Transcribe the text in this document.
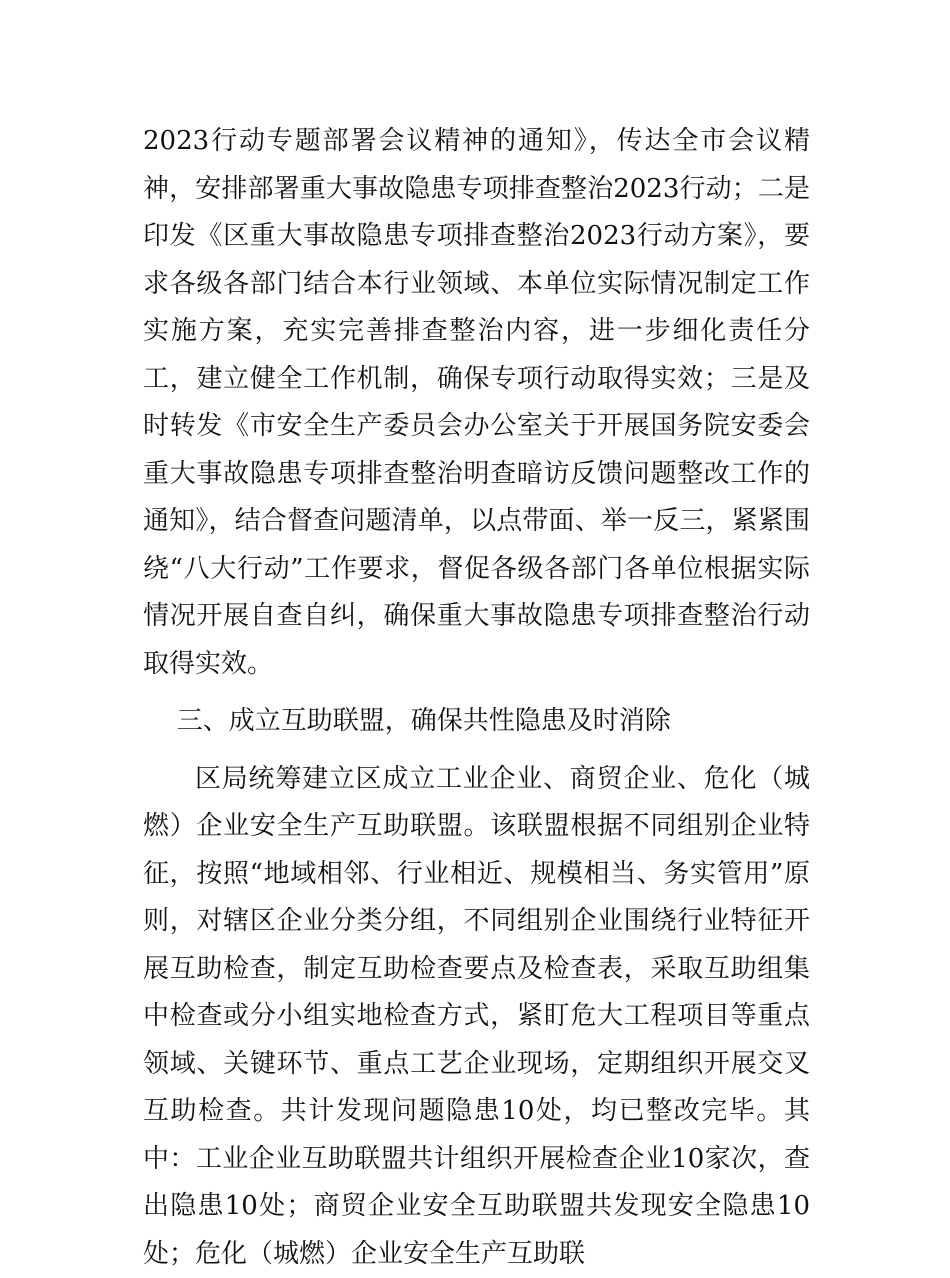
2023行动专题部署会议精神的通知》，传达全市会议精神，安排部署重大事故隐患专项排查整治2023行动；二是印发《区重大事故隐患专项排查整治2023行动方案》，要求各级各部门结合本行业领域、本单位实际情况制定工作实施方案，充实完善排查整治内容，进一步细化责任分工，建立健全工作机制，确保专项行动取得实效；三是及时转发《市安全生产委员会办公室关于开展国务院安委会重大事故隐患专项排查整治明查暗访反馈问题整改工作的通知》，结合督查问题清单，以点带面、举一反三，紧紧围绕“八大行动”工作要求，督促各级各部门各单位根据实际情况开展自查自纠，确保重大事故隐患专项排查整治行动取得实效。

三、成立互助联盟，确保共性隐患及时消除

区局统筹建立区成立工业企业、商贸企业、危化（城燃）企业安全生产互助联盟。该联盟根据不同组别企业特征，按照“地域相邻、行业相近、规模相当、务实管用”原则，对辖区企业分类分组，不同组别企业围绕行业特征开展互助检查，制定互助检查要点及检查表，采取互助组集中检查或分小组实地检查方式，紧盯危大工程项目等重点领域、关键环节、重点工艺企业现场，定期组织开展交叉互助检查。共计发现问题隐患10处，均已整改完毕。其中：工业企业互助联盟共计组织开展检查企业10家次，查出隐患10处；商贸企业安全互助联盟共发现安全隐患10处；危化（城燃）企业安全生产互助联
